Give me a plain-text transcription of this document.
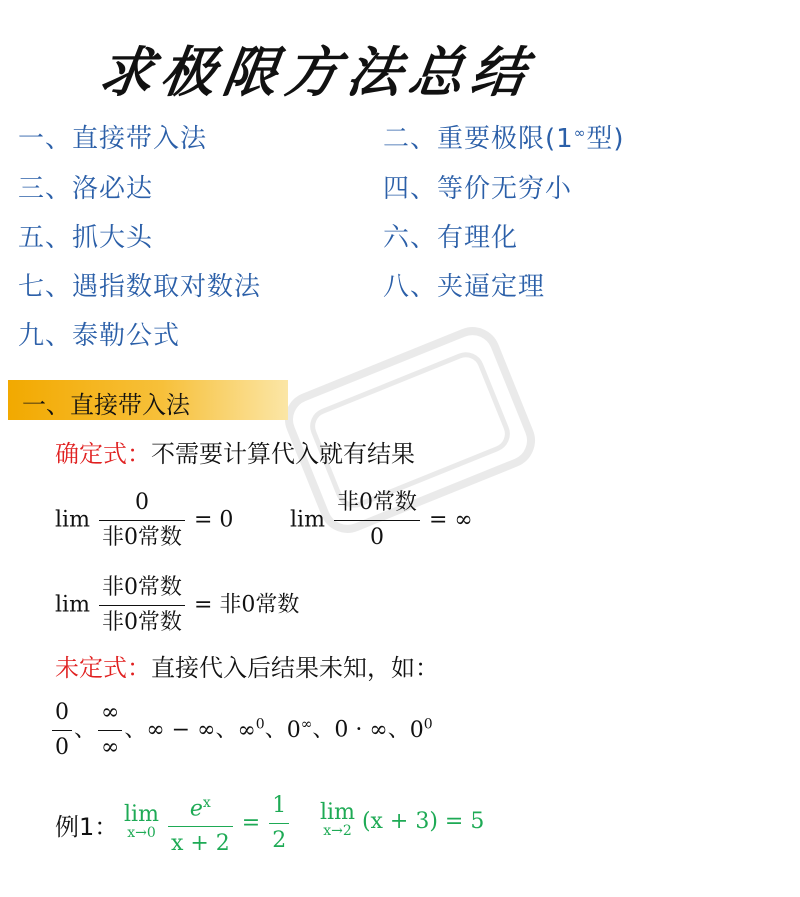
求极限方法总结
一、直接带入法	二、重要极限(1∞型)
三、洛必达	四、等价无穷小
五、抓大头	六、有理化
七、遇指数取对数法	八、夹逼定理
九、泰勒公式
一、直接带入法
确定式：不需要计算代入就有结果
$\lim \frac{0}{\text{非0常数}} = 0$	$\lim \frac{\text{非0常数}}{0}$ = ∞
$\lim \frac{\text{非0常数}}{\text{非0常数}}$ = 非0常数
未定式：直接代入后结果未知，如：
$\frac{0}{0}$ 、 $\frac{\infty}{\infty}$ 、∞ − ∞、∞$^0$、0∞、0 · ∞、$0^0$
例1： lim
x→0
$\frac{e^x}{x + 2} = \frac{1}{2}$ lim
x→2 (x + 3) = 5
